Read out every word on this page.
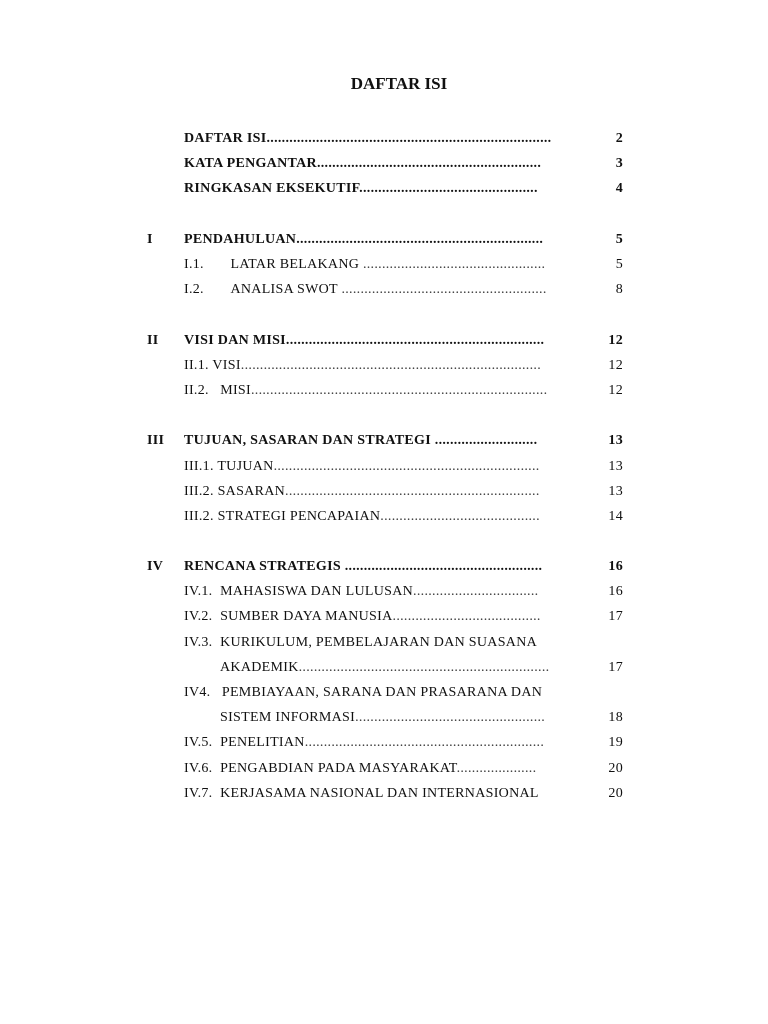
DAFTAR ISI
DAFTAR ISI...........................................................................	2
KATA PENGANTAR...........................................................	3
RINGKASAN EKSEKUTIF...............................................	4
I PENDAHULUAN.................................................................	5
I.1.       LATAR BELAKANG ................................................	5
I.2.       ANALISA SWOT ......................................................	8
II VISI DAN MISI....................................................................	12
II.1. VISI...............................................................................	12
II.2.   MISI..............................................................................	12
III TUJUAN, SASARAN DAN STRATEGI ...........................	13
III.1. TUJUAN......................................................................	13
III.2. SASARAN...................................................................	13
III.2. STRATEGI PENCAPAIAN..........................................	14
IV RENCANA STRATEGIS ....................................................	16
IV.1.  MAHASISWA DAN LULUSAN.................................	16
IV.2.  SUMBER DAYA MANUSIA.......................................	17
IV.3.  KURIKULUM, PEMBELAJARAN DAN SUASANA
AKADEMIK..................................................................	17
IV4.   PEMBIAYAAN, SARANA DAN PRASARANA DAN
SISTEM INFORMASI..................................................	18
IV.5.  PENELITIAN...............................................................	19
IV.6.  PENGABDIAN PADA MASYARAKAT.....................	20
IV.7.  KERJASAMA NASIONAL DAN INTERNASIONAL	20
